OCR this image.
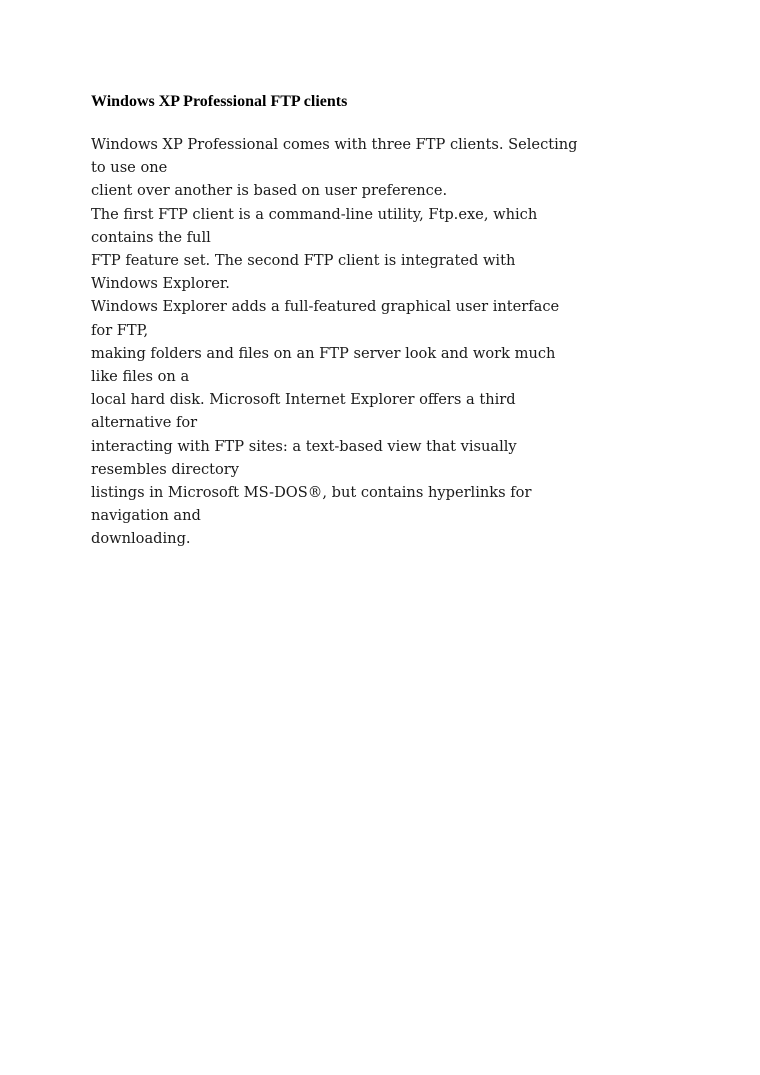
Windows XP Professional FTP clients
Windows XP Professional comes with three FTP clients. Selecting
to use one
client over another is based on user preference.
The first FTP client is a command-line utility, Ftp.exe, which
contains the full
FTP feature set. The second FTP client is integrated with
Windows Explorer.
Windows Explorer adds a full-featured graphical user interface
for FTP,
making folders and files on an FTP server look and work much
like files on a
local hard disk. Microsoft Internet Explorer offers a third
alternative for
interacting with FTP sites: a text-based view that visually
resembles directory
listings in Microsoft MS-DOS®, but contains hyperlinks for
navigation and
downloading.
